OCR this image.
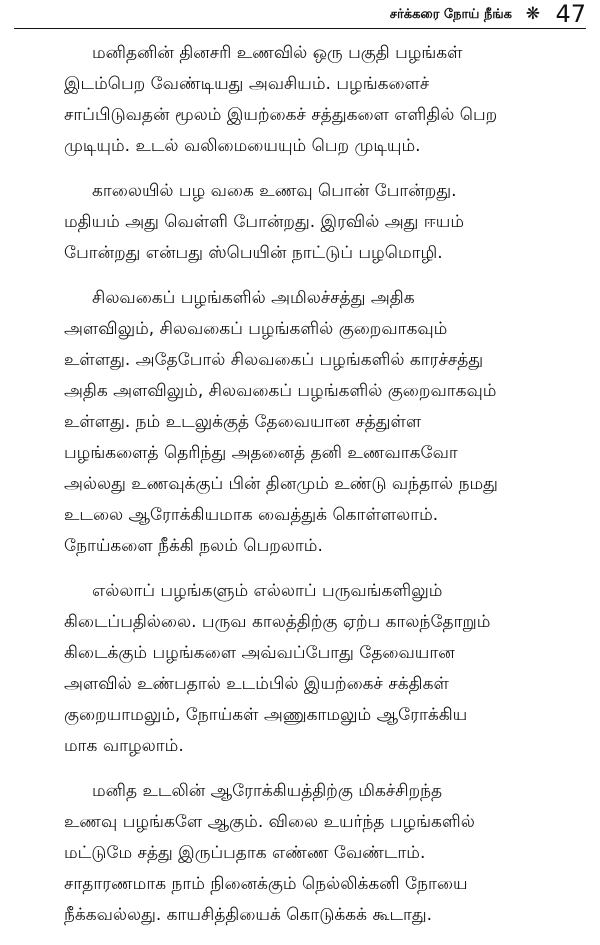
சர்க்கரை நோய் நீங்க ❋ 47

மனிதனின் தினசரி உணவில் ஒரு பகுதி பழங்கள்
இடம்பெற வேண்டியது அவசியம். பழங்களைச்
சாப்பிடுவதன் மூலம் இயற்கைச் சத்துகளை எளிதில் பெற
முடியும். உடல் வலிமையையும் பெற முடியும்.

காலையில் பழ வகை உணவு பொன் போன்றது.
மதியம் அது வெள்ளி போன்றது. இரவில் அது ஈயம்
போன்றது என்பது ஸ்பெயின் நாட்டுப் பழமொழி.

சிலவகைப் பழங்களில் அமிலச்சத்து அதிக
அளவிலும், சிலவகைப் பழங்களில் குறைவாகவும்
உள்ளது. அதேபோல் சிலவகைப் பழங்களில் காரச்சத்து
அதிக அளவிலும், சிலவகைப் பழங்களில் குறைவாகவும்
உள்ளது. நம் உடலுக்குத் தேவையான சத்துள்ள
பழங்களைத் தெரிந்து அதனைத் தனி உணவாகவோ
அல்லது உணவுக்குப் பின் தினமும் உண்டு வந்தால் நமது
உடலை ஆரோக்கியமாக வைத்துக் கொள்ளலாம்.
நோய்களை நீக்கி நலம் பெறலாம்.

எல்லாப் பழங்களும் எல்லாப் பருவங்களிலும்
கிடைப்பதில்லை. பருவ காலத்திற்கு ஏற்ப காலந்தோறும்
கிடைக்கும் பழங்களை அவ்வப்போது தேவையான
அளவில் உண்பதால் உடம்பில் இயற்கைச் சக்திகள்
குறையாமலும், நோய்கள் அணுகாமலும் ஆரோக்கிய
மாக வாழலாம்.

மனித உடலின் ஆரோக்கியத்திற்கு மிகச்சிறந்த
உணவு பழங்களே ஆகும். விலை உயர்ந்த பழங்களில்
மட்டுமே சத்து இருப்பதாக எண்ண வேண்டாம்.
சாதாரணமாக நாம் நினைக்கும் நெல்லிக்கனி நோயை
நீக்கவல்லது. காயசித்தியைக் கொடுக்கக் கூடாது.
